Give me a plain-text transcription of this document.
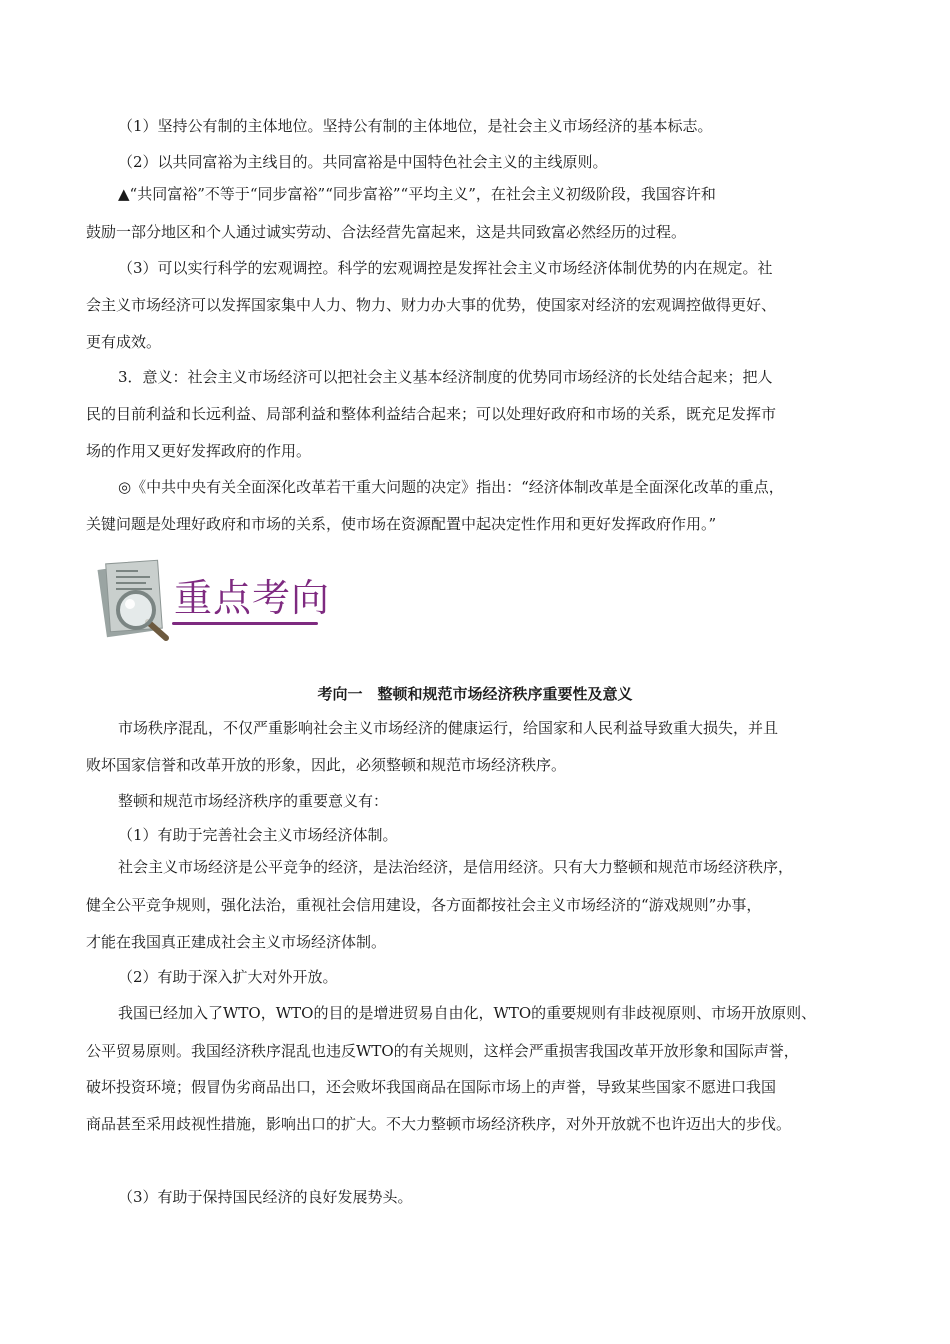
（1）坚持公有制的主体地位。坚持公有制的主体地位，是社会主义市场经济的基本标志。
（2）以共同富裕为主线目的。共同富裕是中国特色社会主义的主线原则。
▲“共同富裕”不等于“同步富裕”“同步富裕”“平均主义”，在社会主义初级阶段，我国容许和
鼓励一部分地区和个人通过诚实劳动、合法经营先富起来，这是共同致富必然经历的过程。
（3）可以实行科学的宏观调控。科学的宏观调控是发挥社会主义市场经济体制优势的内在规定。社
会主义市场经济可以发挥国家集中人力、物力、财力办大事的优势，使国家对经济的宏观调控做得更好、
更有成效。
3．意义：社会主义市场经济可以把社会主义基本经济制度的优势同市场经济的长处结合起来；把人
民的目前利益和长远利益、局部利益和整体利益结合起来；可以处理好政府和市场的关系，既充足发挥市
场的作用又更好发挥政府的作用。
◎《中共中央有关全面深化改革若干重大问题的决定》指出：“经济体制改革是全面深化改革的重点，
关键问题是处理好政府和市场的关系，使市场在资源配置中起决定性作用和更好发挥政府作用。”
重点考向
考向一　整顿和规范市场经济秩序重要性及意义
市场秩序混乱，不仅严重影响社会主义市场经济的健康运行，给国家和人民利益导致重大损失，并且
败坏国家信誉和改革开放的形象，因此，必须整顿和规范市场经济秩序。
整顿和规范市场经济秩序的重要意义有：
（1）有助于完善社会主义市场经济体制。
社会主义市场经济是公平竞争的经济，是法治经济，是信用经济。只有大力整顿和规范市场经济秩序，
健全公平竞争规则，强化法治，重视社会信用建设，各方面都按社会主义市场经济的“游戏规则”办事，
才能在我国真正建成社会主义市场经济体制。
（2）有助于深入扩大对外开放。
我国已经加入了WTO，WTO的目的是增进贸易自由化，WTO的重要规则有非歧视原则、市场开放原则、
公平贸易原则。我国经济秩序混乱也违反WTO的有关规则，这样会严重损害我国改革开放形象和国际声誉，
破坏投资环境；假冒伪劣商品出口，还会败坏我国商品在国际市场上的声誉，导致某些国家不愿进口我国
商品甚至采用歧视性措施，影响出口的扩大。不大力整顿市场经济秩序，对外开放就不也许迈出大的步伐。
（3）有助于保持国民经济的良好发展势头。
